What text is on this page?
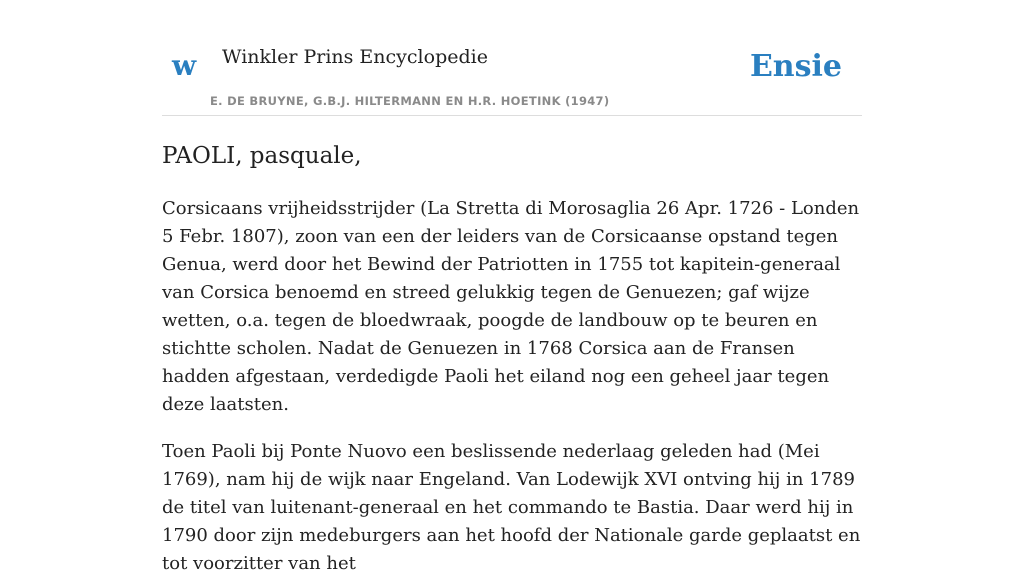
w Winkler Prins Encyclopedie
E. DE BRUYNE, G.B.J. HILTERMANN EN H.R. HOETINK (1947)
Ensie
PAOLI, pasquale,

Corsicaans vrijheidsstrijder (La Stretta di Morosaglia 26 Apr. 1726 - Londen 5 Febr. 1807), zoon van een der leiders van de Corsicaanse opstand tegen Genua, werd door het Bewind der Patriotten in 1755 tot kapitein-generaal van Corsica benoemd en streed gelukkig tegen de Genuezen; gaf wijze wetten, o.a. tegen de bloedwraak, poogde de landbouw op te beuren en stichtte scholen. Nadat de Genuezen in 1768 Corsica aan de Fransen hadden afgestaan, verdedigde Paoli het eiland nog een geheel jaar tegen deze laatsten.

Toen Paoli bij Ponte Nuovo een beslissende nederlaag geleden had (Mei 1769), nam hij de wijk naar Engeland. Van Lodewijk XVI ontving hij in 1789 de titel van luitenant-generaal en het commando te Bastia. Daar werd hij in 1790 door zijn medeburgers aan het hoofd der Nationale garde geplaatst en tot voorzitter van het
